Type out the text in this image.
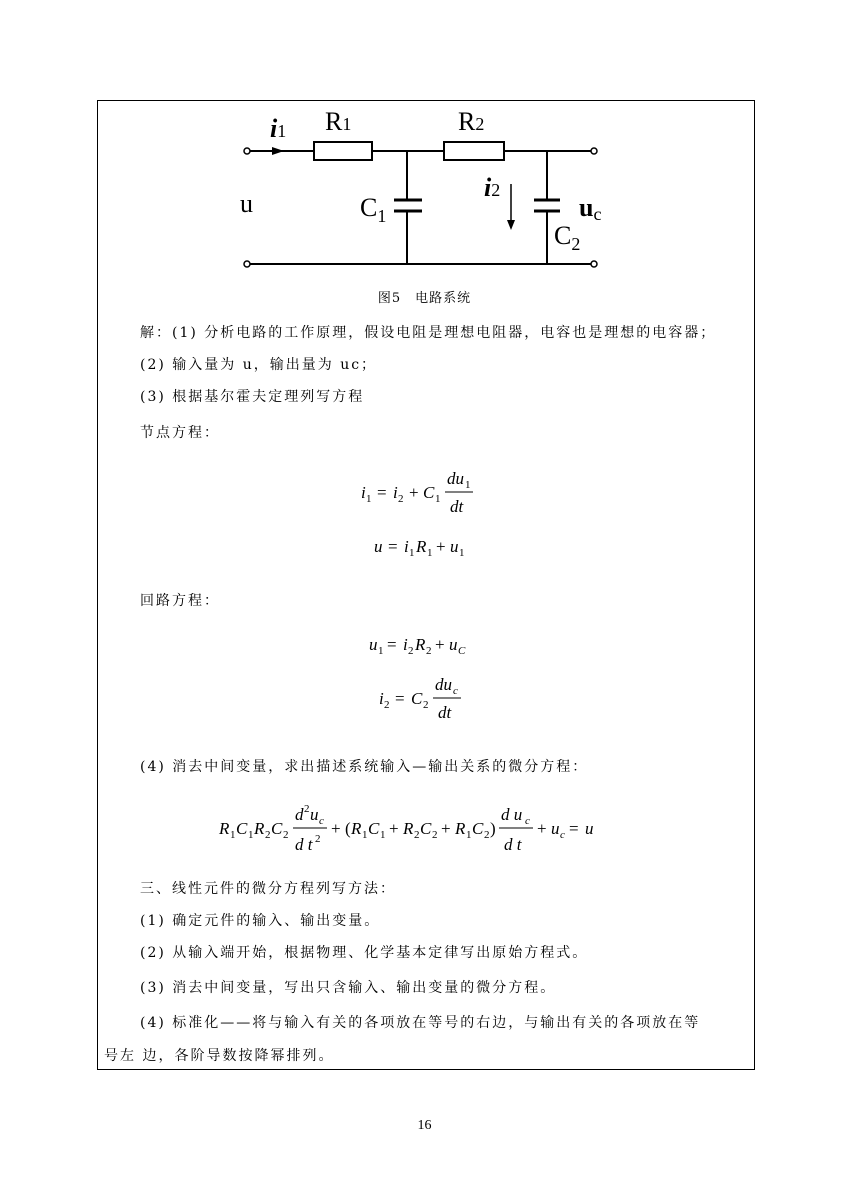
i1 R1	R2
u	$C_1$
i2
uc
$C_2$
图5　电路系统
解：(1) 分析电路的工作原理，假设电阻是理想电阻器，电容也是理想的电容器；
(2) 输入量为 u，输出量为 uc；
(3) 根据基尔霍夫定理列写方程
节点方程：
i 1 = i 2 + C 1
du 1
dt
u = i 1 R 1 + u 1
回路方程：
u 1 = i 2 R 2 + u C
i 2 = C 2
du c
dt
(4) 消去中间变量，求出描述系统输入—输出关系的微分方程：
R 1 C 1 R 2 C 2
d 2 u c
d t 2
+ ( R 1 C 1 + R 2 C 2 + R 1 C 2 )
d u c
d t
+ u c = u
三、线性元件的微分方程列写方法：
(1) 确定元件的输入、输出变量。
(2) 从输入端开始，根据物理、化学基本定律写出原始方程式。
(3) 消去中间变量，写出只含输入、输出变量的微分方程。
(4) 标准化——将与输入有关的各项放在等号的右边，与输出有关的各项放在等
号左 边，各阶导数按降幂排列。
16
